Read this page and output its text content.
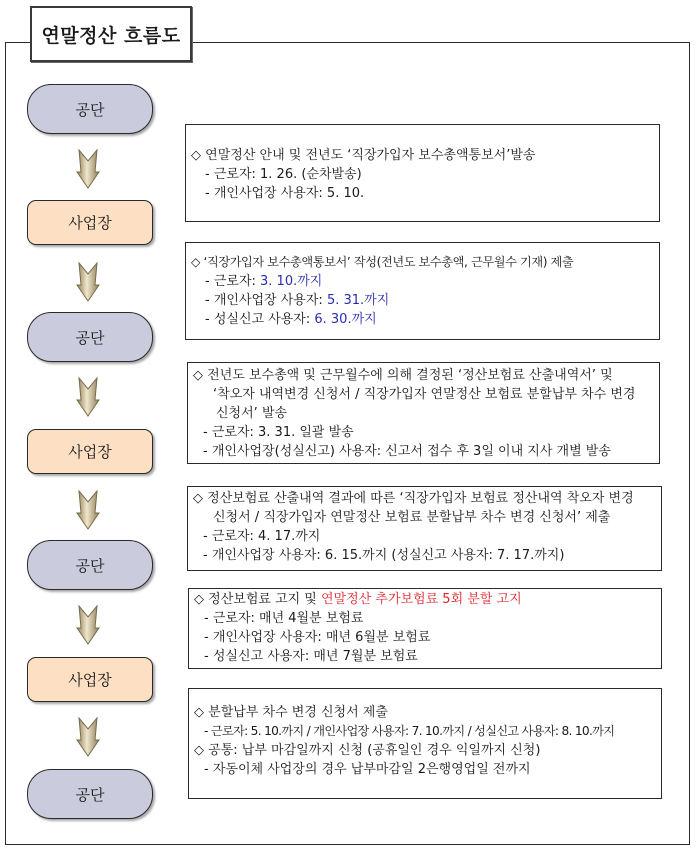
연말정산 흐름도
공단
사업장
공단
사업장
공단
사업장
공단
◇ 연말정산 안내 및 전년도 ‘직장가입자 보수총액통보서’발송
- 근로자: 1. 26. (순차발송)
- 개인사업장 사용자: 5. 10.
◇ ‘직장가입자 보수총액통보서’ 작성(전년도 보수총액, 근무월수 기재) 제출
- 근로자: 3. 10.까지
- 개인사업장 사용자: 5. 31.까지
- 성실신고 사용자: 6. 30.까지
◇ 전년도 보수총액 및 근무월수에 의해 결정된 ‘정산보험료 산출내역서’ 및
‘착오자 내역변경 신청서 / 직장가입자 연말정산 보험료 분할납부 차수 변경
신청서’ 발송
- 근로자: 3. 31. 일괄 발송
- 개인사업장(성실신고) 사용자: 신고서 접수 후 3일 이내 지사 개별 발송
◇ 정산보험료 산출내역 결과에 따른 ‘직장가입자 보험료 정산내역 착오자 변경
신청서 / 직장가입자 연말정산 보험료 분할납부 차수 변경 신청서’ 제출
- 근로자: 4. 17.까지
- 개인사업장 사용자: 6. 15.까지 (성실신고 사용자: 7. 17.까지)
◇ 정산보험료 고지 및 연말정산 추가보험료 5회 분할 고지
- 근로자: 매년 4월분 보험료
- 개인사업장 사용자: 매년 6월분 보험료
- 성실신고 사용자: 매년 7월분 보험료
◇ 분할납부 차수 변경 신청서 제출
- 근로자: 5. 10.까지 / 개인사업장 사용자: 7. 10.까지 / 성실신고 사용자: 8. 10.까지
◇ 공통: 납부 마감일까지 신청 (공휴일인 경우 익일까지 신청)
- 자동이체 사업장의 경우 납부마감일 2은행영업일 전까지
